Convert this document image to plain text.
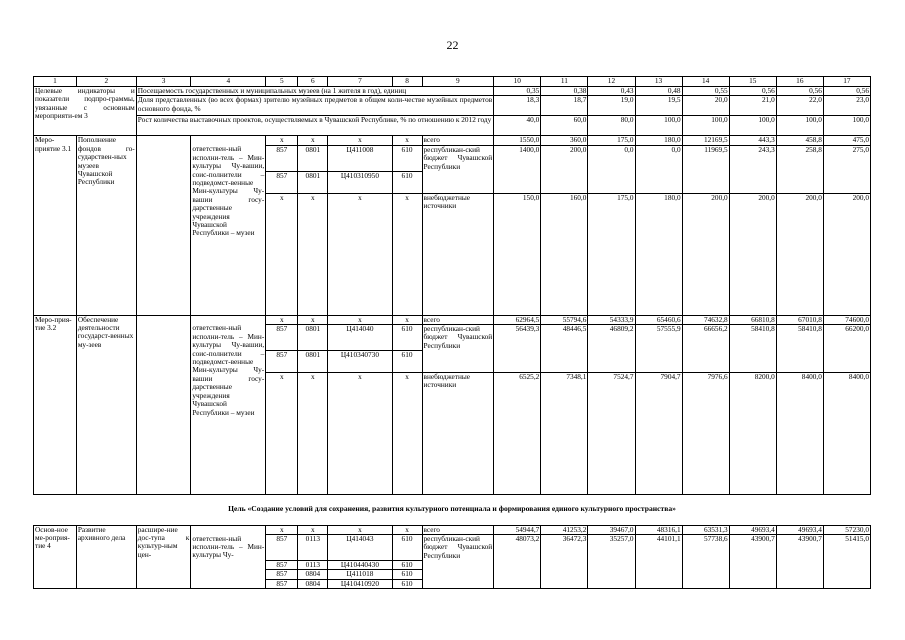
22
1	2	3	4	5	6	7	8	9	10	11	12	13	14	15	16	17
Целевые индикаторы и показатели подпро-граммы, увязанные с основным мероприяти-ем 3		Посещаемость государственных и муниципальных музеев (на 1 жителя в год), единиц							0,35	0,38	0,43	0,48	0,55	0,56	0,56	0,56
		Доля представленных (во всех формах) зрителю музейных предметов в общем коли-честве музейных предметов основного фонда, %							18,3	18,7	19,0	19,5	20,0	21,0	22,0	23,0
		Рост количества выставочных проектов, осуществляемых в Чувашской Республике, % по отношению к 2012 году							40,0	60,0	80,0	100,0	100,0	100,0	100,0	100,0
Меро-приятие 3.1	Пополнение фондов го-сударствен-ных музеев Чувашской Республики			x	x	x	x	всего	1550,0	360,0	175,0	180,0	12169,5	443,3	458,8	475,0
			ответствен-ный исполни-тель – Мин-культуры Чу-вашии, соис-полнители – подведомст-венные Мин-культуры Чу-вашии госу-дарственные учреждения Чувашской Республики – музеи	857	0801	Ц411008	610	республикан-ский бюджет Чувашской Республики	1400,0	200,0	0,0	0,0	11969,5	243,3	258,8	275,0
				857	0801	Ц410310950	610									
				x	x	x	x	внебюджетные источники	150,0	160,0	175,0	180,0	200,0	200,0	200,0	200,0
Меро-прия-тие 3.2	Обеспечение деятельности государст-венных му-зеев			x	x	x	x	всего	62964,5	55794,6	54333,9	65460,6	74632,8	66810,8	67010,8	74600,0
			ответствен-ный исполни-тель – Мин-культуры Чу-вашии, соис-полнители – подведомст-венные Мин-культуры Чу-вашии госу-дарственные учреждения Чувашской Республики – музеи	857	0801	Ц414040	610	республикан-ский бюджет Чувашской Республики	56439,3	48446,5	46809,2	57555,9	66656,2	58410,8	58410,8	66200,0
				857	0801	Ц410340730	610									
				x	x	x	x	внебюджетные источники	6525,2	7348,1	7524,7	7904,7	7976,6	8200,0	8400,0	8400,0
Цель «Создание условий для сохранения, развития культурного потенциала и формирования единого культурного пространства»																
Основ-ное ме-роприя-тие 4	Развитие архивного дела	расшире-ние дос-тупа к культур-ным цен-		x	x	x	x	всего	54944,7	41253,2	39467,0	48316,1	63531,3	49693,4	49693,4	57230,0
			ответствен-ный исполни-тель – Мин-культуры Чу-	857	0113	Ц414043	610	республикан-ский бюджет Чувашской Республики	48073,2	36472,3	35257,0	44101,1	57738,6	43900,7	43900,7	51415,0
				857	0113	Ц410440430	610									
				857	0804	Ц411018	610									
				857	0804	Ц410410920	610									
